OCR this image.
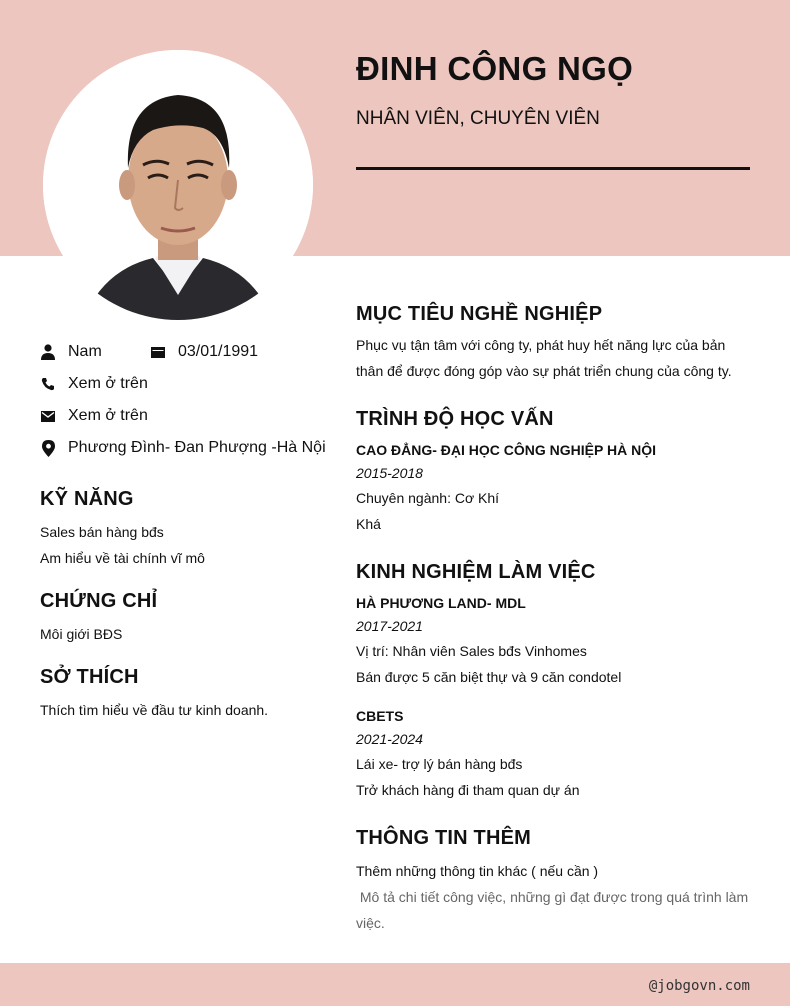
ĐINH CÔNG NGỌ
NHÂN VIÊN, CHUYÊN VIÊN
Nam	03/01/1991
Xem ở trên
Xem ở trên
Phương Đình- Đan Phượng -Hà Nội
KỸ NĂNG
Sales bán hàng bđs
Am hiểu về tài chính vĩ mô
CHỨNG CHỈ
Môi giới BĐS
SỞ THÍCH
Thích tìm hiểu về đầu tư kinh doanh.
MỤC TIÊU NGHỀ NGHIỆP
Phục vụ tận tâm với công ty, phát huy hết năng lực của bản thân để được đóng góp vào sự phát triển chung của công ty.
TRÌNH ĐỘ HỌC VẤN
CAO ĐẲNG- ĐẠI HỌC CÔNG NGHIỆP HÀ NỘI
2015-2018
Chuyên ngành: Cơ Khí
Khá
KINH NGHIỆM LÀM VIỆC
HÀ PHƯƠNG LAND- MDL
2017-2021
Vị trí: Nhân viên Sales bđs Vinhomes
Bán được 5 căn biệt thự và 9 căn condotel
CBETS
2021-2024
Lái xe- trợ lý bán hàng bđs
Trở khách hàng đi tham quan dự án
THÔNG TIN THÊM
Thêm những thông tin khác ( nếu cần )
Mô tả chi tiết công việc, những gì đạt được trong quá trình làm việc.
@jobgovn.com
